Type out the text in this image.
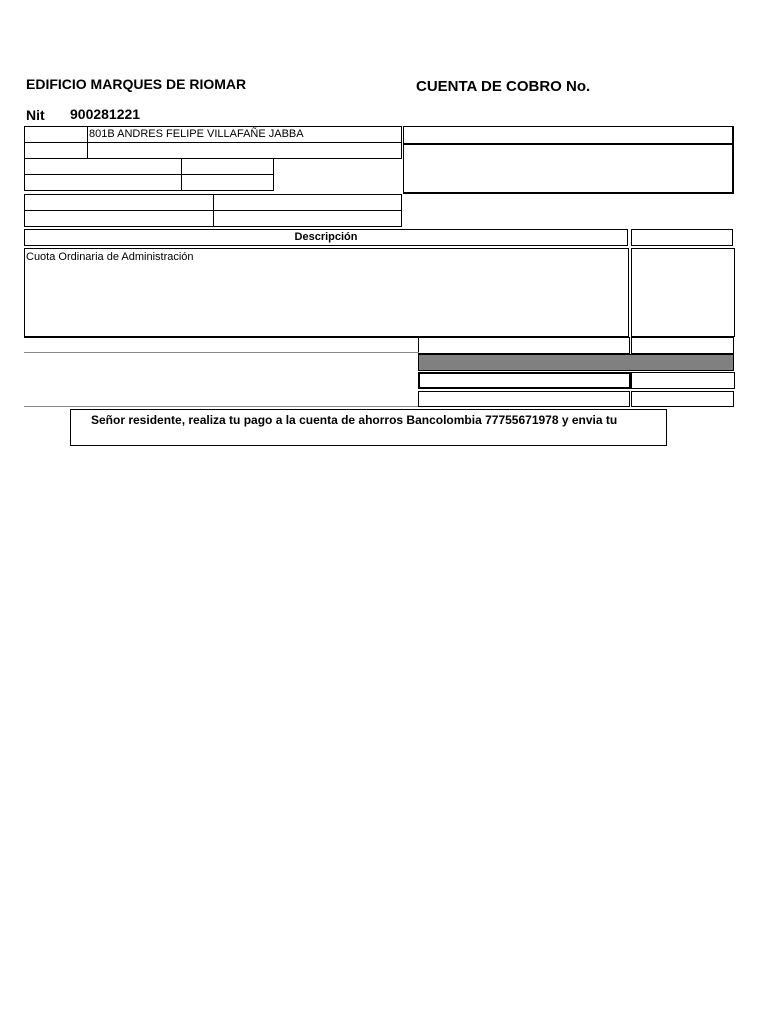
EDIFICIO MARQUES DE RIOMAR	CUENTA DE COBRO No.
Nit 900281221
801B ANDRES FELIPE VILLAFAÑE JABBA
Descripción
Cuota Ordinaria de Administración
Señor residente, realiza tu pago a la cuenta de ahorros Bancolombia 77755671978 y envia tu
